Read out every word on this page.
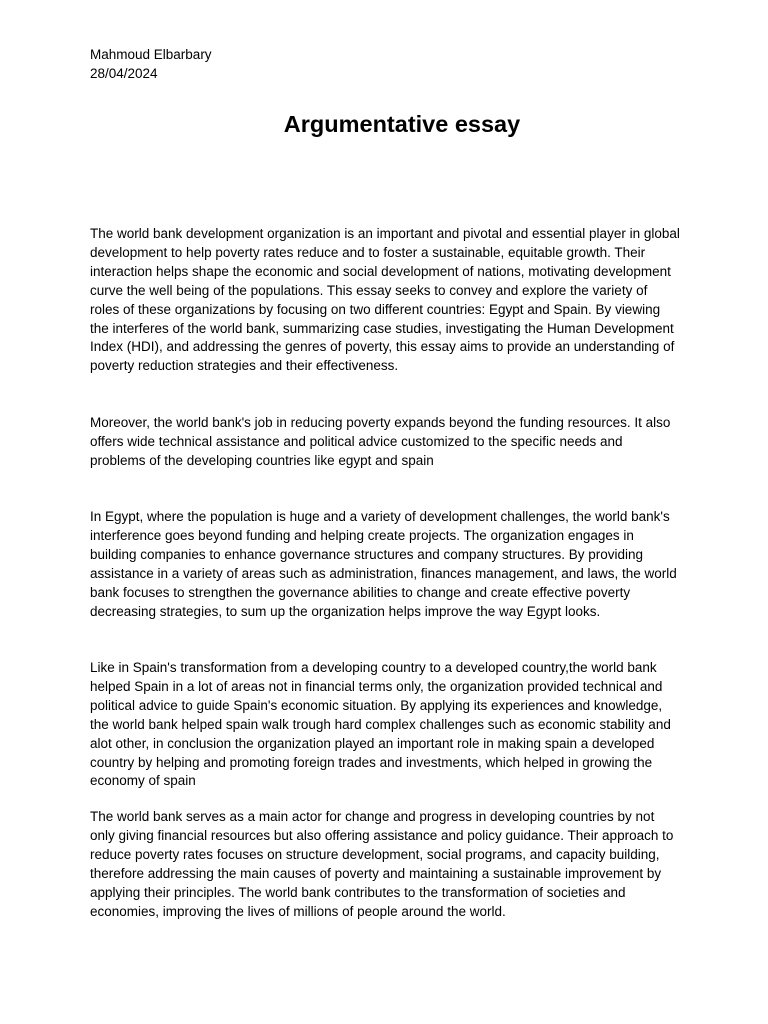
Mahmoud Elbarbary
28/04/2024
Argumentative essay

The world bank development organization is an important and pivotal and essential player in global development to help poverty rates reduce and to foster a sustainable, equitable growth. Their interaction helps shape the economic and social development of nations, motivating development curve the well being of the populations. This essay seeks to convey and explore the variety of roles of these organizations by focusing on two different countries: Egypt and Spain. By viewing the interferes of the world bank, summarizing case studies, investigating the Human Development Index (HDI), and addressing the genres of poverty, this essay aims to provide an understanding of poverty reduction strategies and their effectiveness.

Moreover, the world bank's job in reducing poverty expands beyond the funding resources. It also offers wide technical assistance and political advice customized to the specific needs and problems of the developing countries like egypt and spain

In Egypt, where the population is huge and a variety of development challenges, the world bank's interference goes beyond funding and helping create projects. The organization engages in building companies to enhance governance structures and company structures. By providing assistance in a variety of areas such as administration, finances management, and laws, the world bank focuses to strengthen the governance abilities to change and create effective poverty decreasing strategies, to sum up the organization helps improve the way Egypt looks.

Like in Spain's transformation from a developing country to a developed country,the world bank helped Spain in a lot of areas not in financial terms only, the organization provided technical and political advice to guide Spain's economic situation. By applying its experiences and knowledge, the world bank helped spain walk trough hard complex challenges such as economic stability and alot other, in conclusion the organization played an important role in making spain a developed country by helping and promoting foreign trades and investments, which helped in growing the economy of spain

The world bank serves as a main actor for change and progress in developing countries by not only giving financial resources but also offering assistance and policy guidance. Their approach to reduce poverty rates focuses on structure development, social programs, and capacity building, therefore addressing the main causes of poverty and maintaining a sustainable improvement by applying their principles. The world bank contributes to the transformation of societies and economies, improving the lives of millions of people around the world.
